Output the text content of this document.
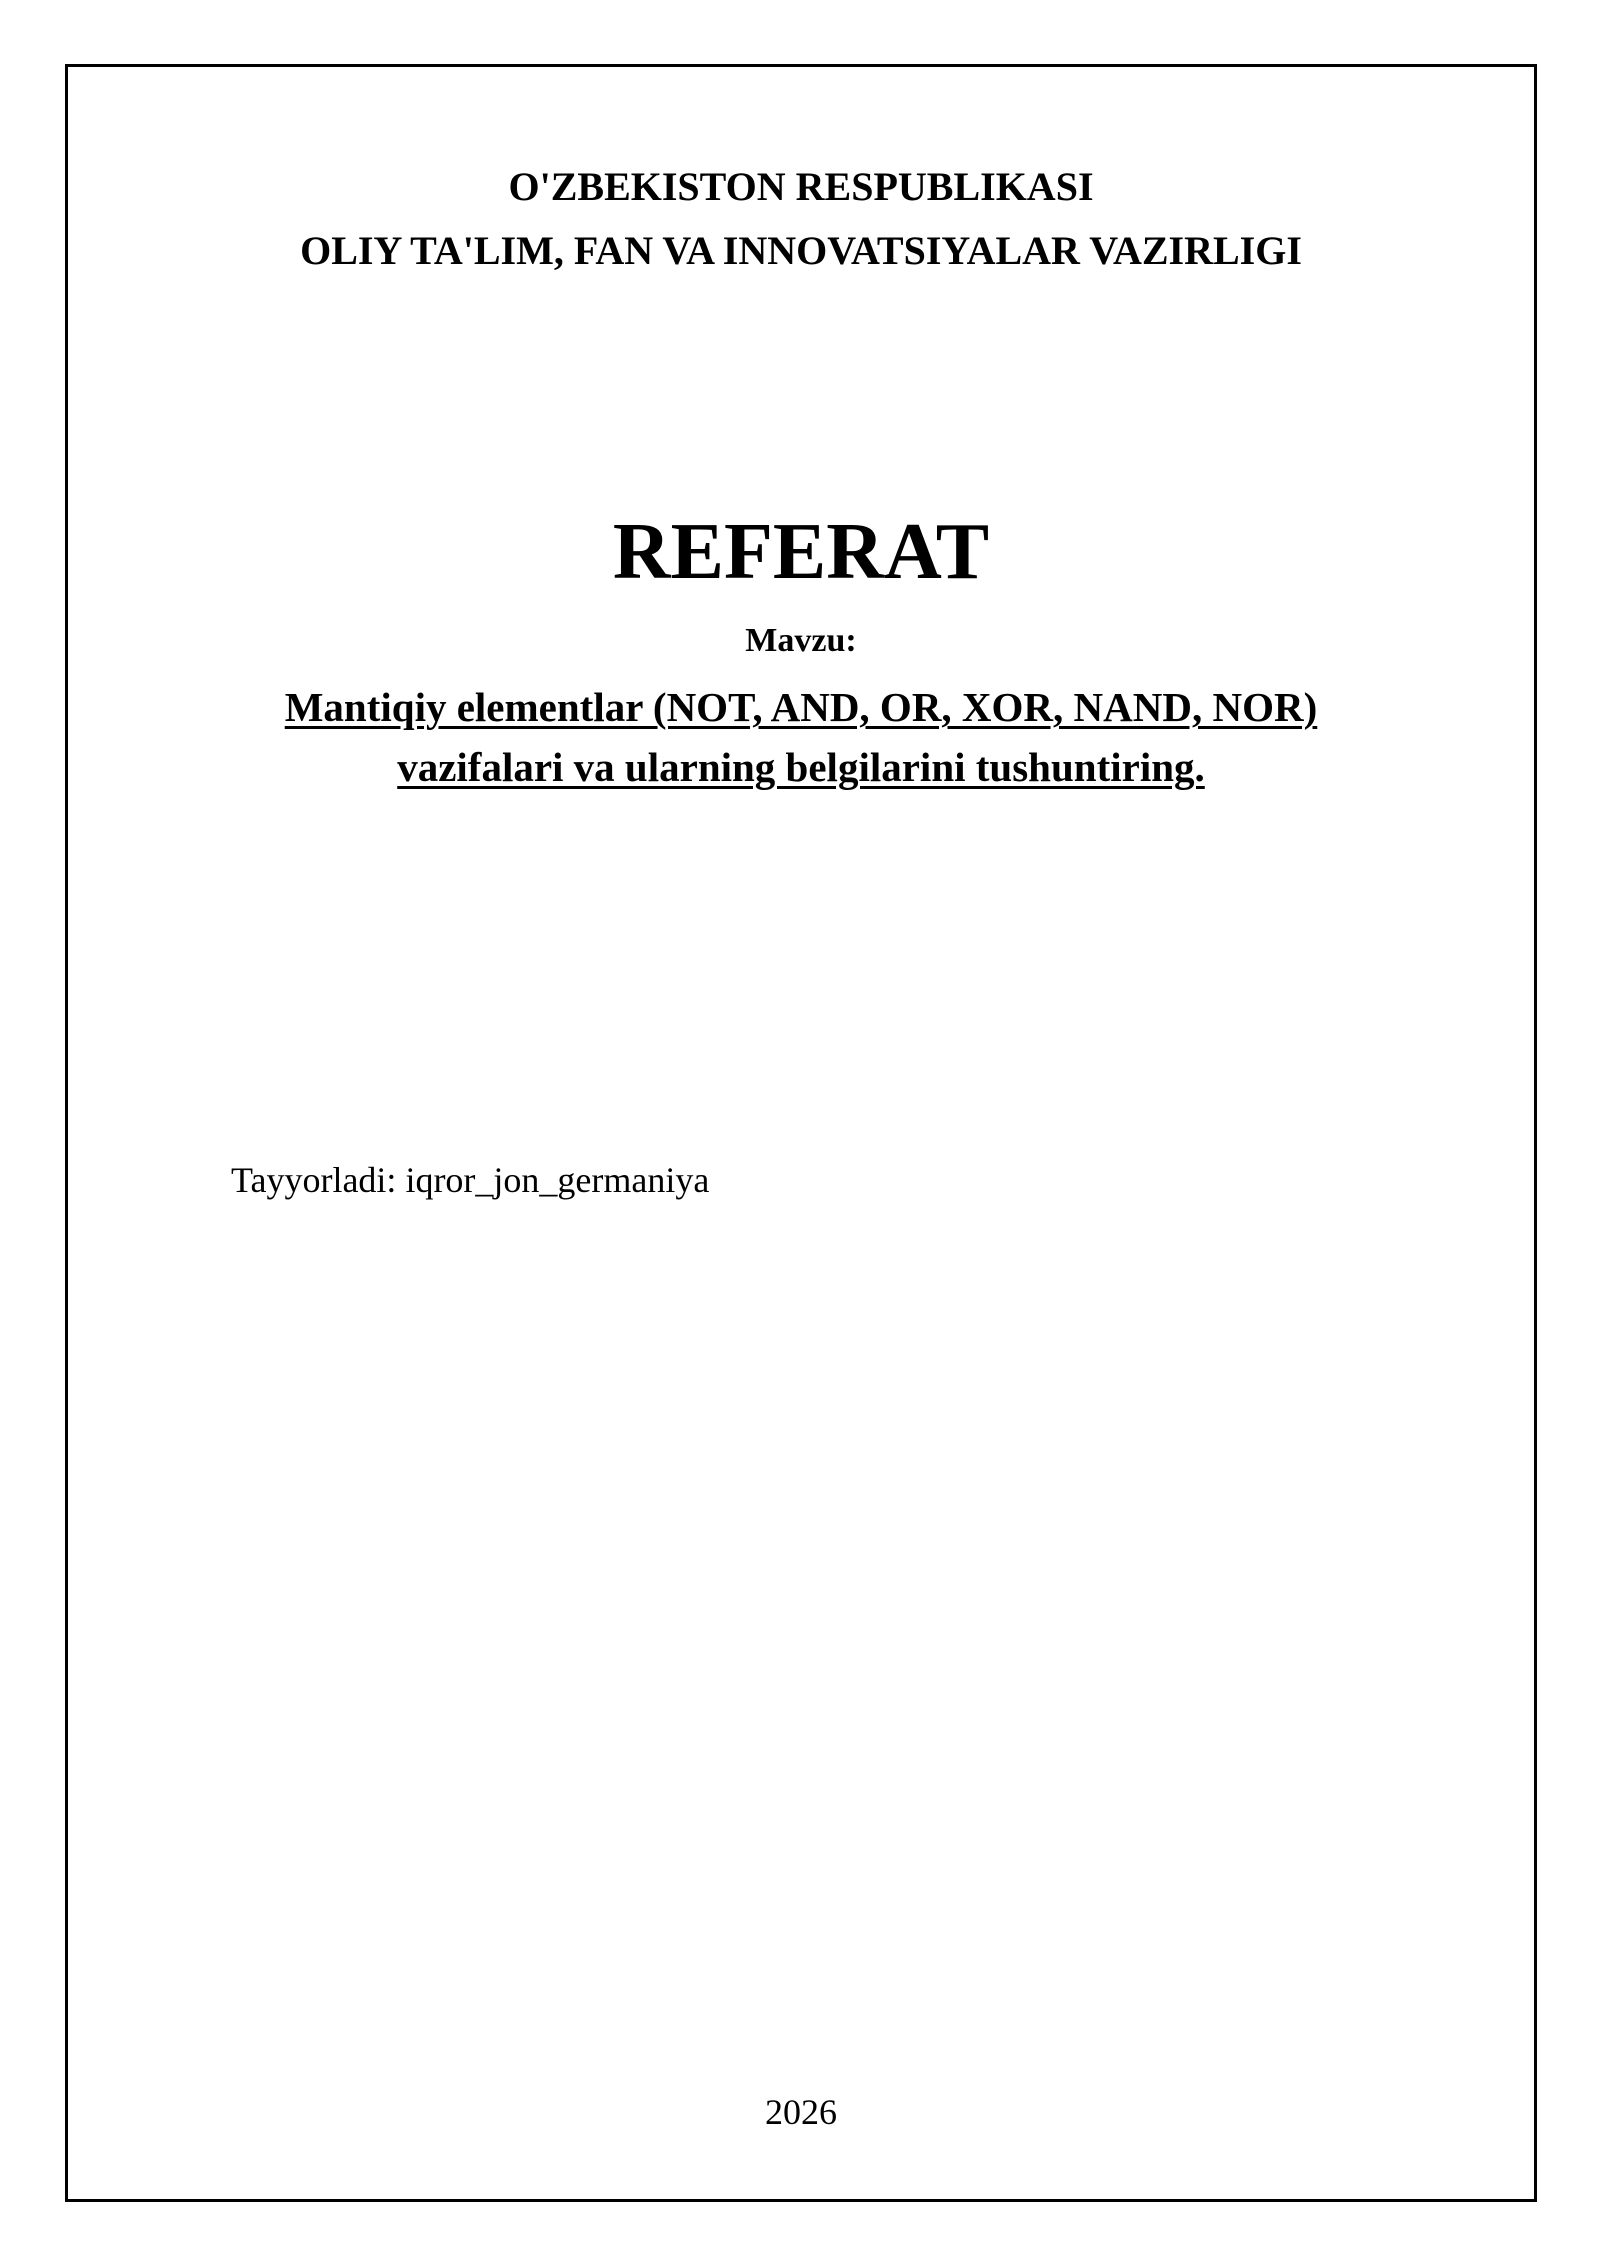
O'ZBEKISTON RESPUBLIKASI
OLIY TA'LIM, FAN VA INNOVATSIYALAR VAZIRLIGI
REFERAT
Mavzu:
Mantiqiy elementlar (NOT, AND, OR, XOR, NAND, NOR)
vazifalari va ularning belgilarini tushuntiring.
Tayyorladi: iqror_jon_germaniya
2026
